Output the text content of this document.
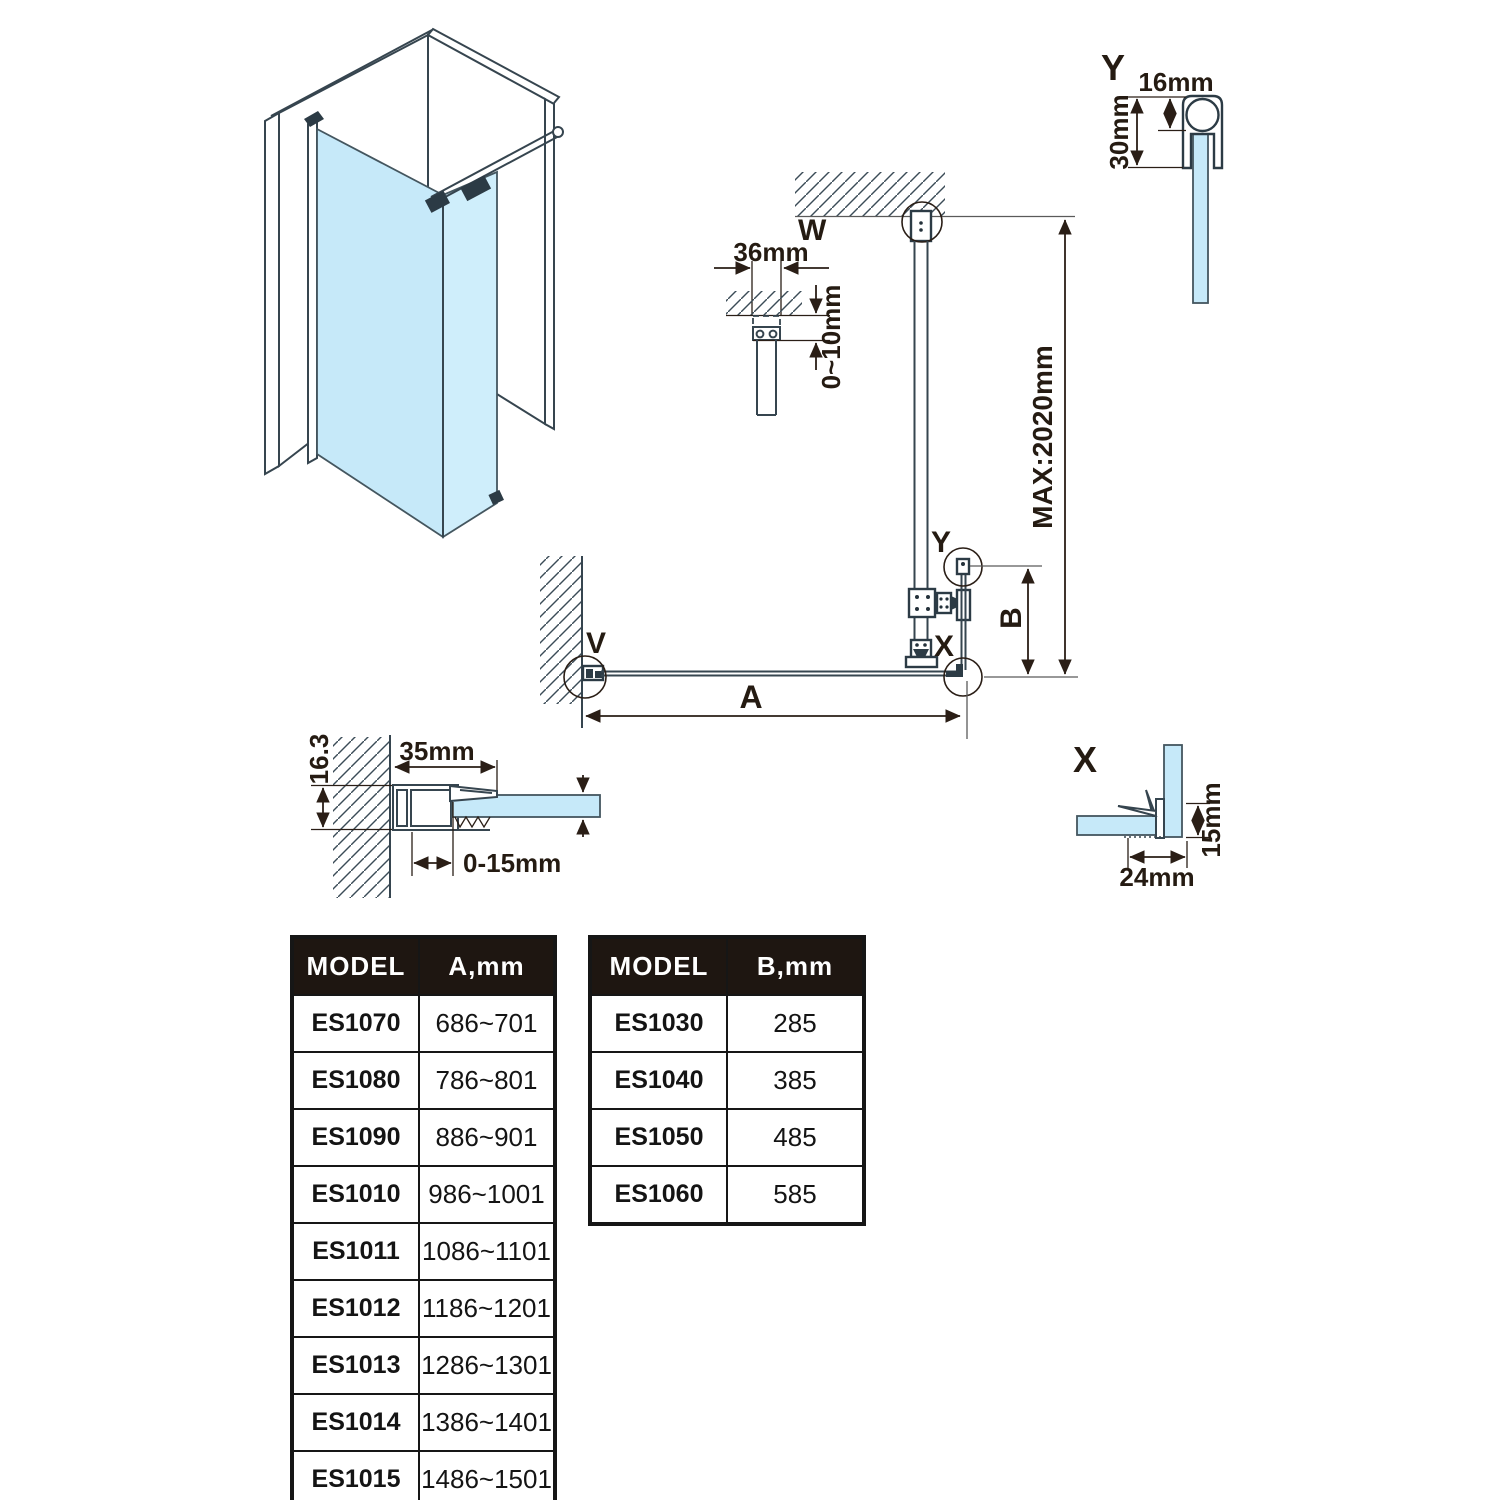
Y
30mm
16mm
W
V
Y
X
B
MAX:2020mm
A
36mm
0~10mm
16.3	35mm
0-15mm
X
15mm
24mm
MODEL	A,mm
ES1070	686~701
ES1080	786~801
ES1090	886~901
ES1010	986~1001
ES1011	1086~1101
ES1012	1186~1201
ES1013	1286~1301
ES1014	1386~1401
ES1015	1486~1501
MODEL	B,mm
ES1030	285
ES1040	385
ES1050	485
ES1060	585
